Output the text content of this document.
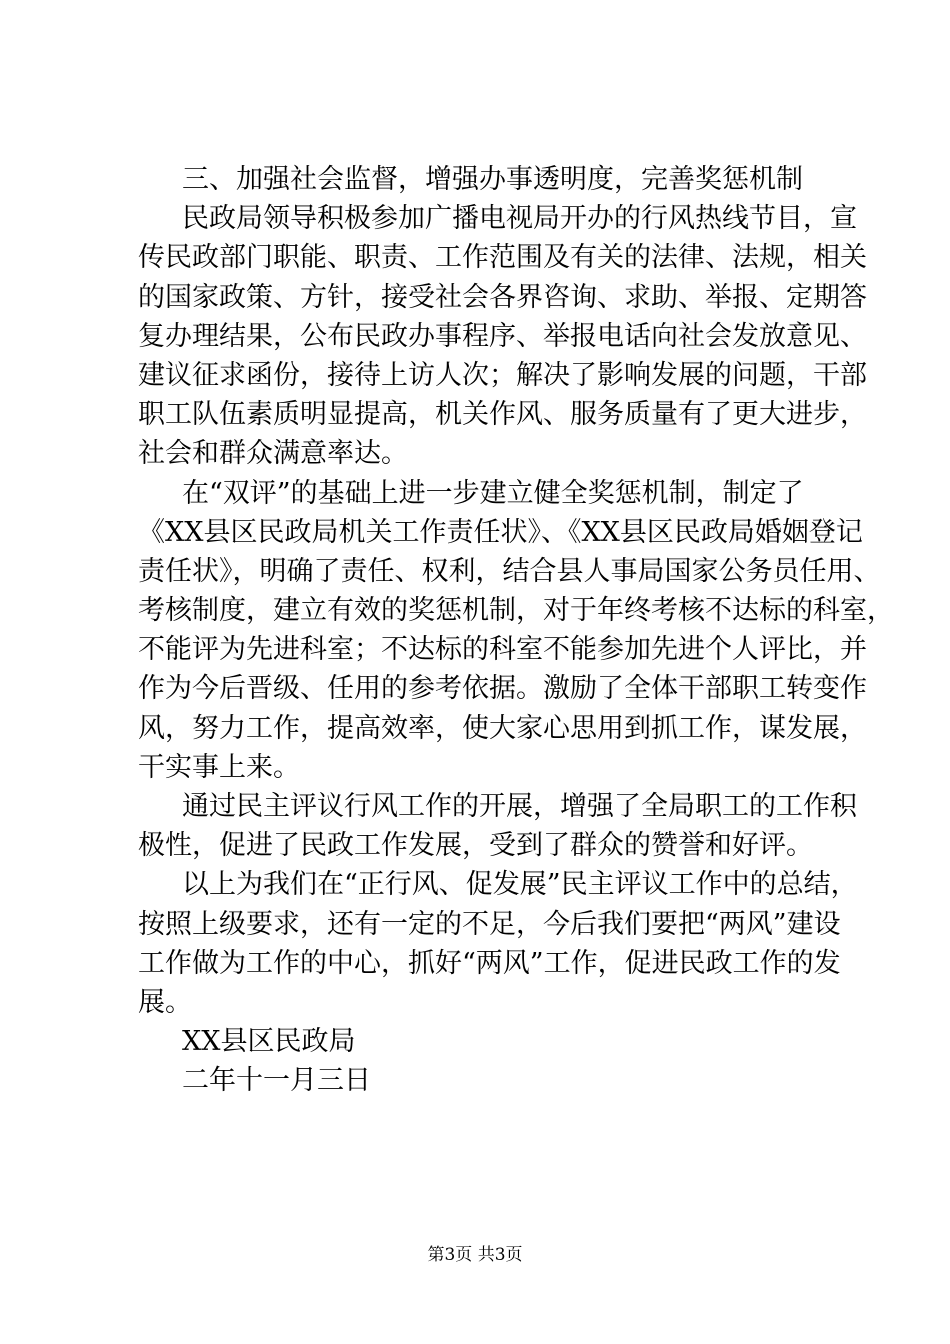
三、加强社会监督，增强办事透明度，完善奖惩机制
民政局领导积极参加广播电视局开办的行风热线节目，宣
传民政部门职能、职责、工作范围及有关的法律、法规，相关
的国家政策、方针，接受社会各界咨询、求助、举报、定期答
复办理结果，公布民政办事程序、举报电话向社会发放意见、
建议征求函份，接待上访人次；解决了影响发展的问题，干部
职工队伍素质明显提高，机关作风、服务质量有了更大进步，
社会和群众满意率达。
在“双评”的基础上进一步建立健全奖惩机制，制定了
《XX县区民政局机关工作责任状》、《XX县区民政局婚姻登记
责任状》，明确了责任、权利，结合县人事局国家公务员任用、
考核制度，建立有效的奖惩机制，对于年终考核不达标的科室，
不能评为先进科室；不达标的科室不能参加先进个人评比，并
作为今后晋级、任用的参考依据。激励了全体干部职工转变作
风，努力工作，提高效率，使大家心思用到抓工作，谋发展，
干实事上来。
通过民主评议行风工作的开展，增强了全局职工的工作积
极性，促进了民政工作发展，受到了群众的赞誉和好评。
以上为我们在“正行风、促发展”民主评议工作中的总结，
按照上级要求，还有一定的不足，今后我们要把“两风”建设
工作做为工作的中心，抓好“两风”工作，促进民政工作的发
展。
XX县区民政局
二年十一月三日
第3页 共3页
